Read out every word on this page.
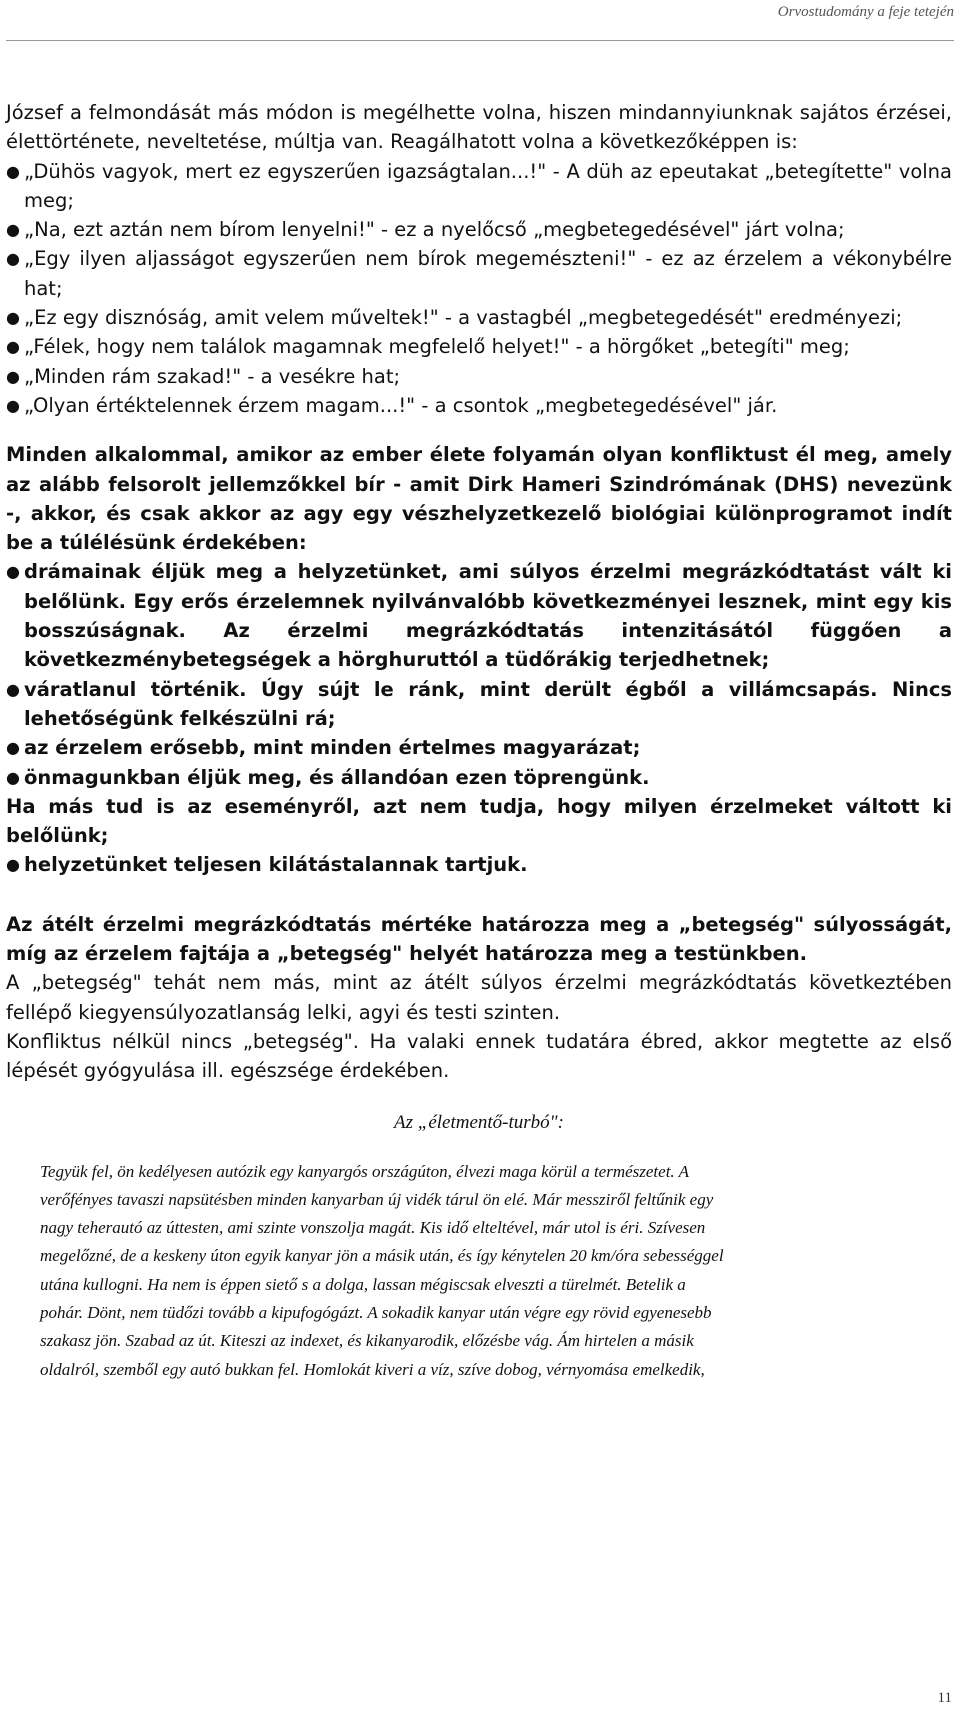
Orvostudomány a feje tetején

József a felmondását más módon is megélhette volna, hiszen mindannyiunknak sajátos érzései, élettörténete, neveltetése, múltja van. Reagálhatott volna a következőképpen is:

● „Dühös vagyok, mert ez egyszerűen igazságtalan...!" - A düh az epeutakat „betegítette" volna meg;
● „Na, ezt aztán nem bírom lenyelni!" - ez a nyelőcső „megbetegedésével" járt volna;
● „Egy ilyen aljasságot egyszerűen nem bírok megemészteni!" - ez az érzelem a vékonybélre hat;
● „Ez egy disznóság, amit velem műveltek!" - a vastagbél „megbetegedését" eredményezi;
● „Félek, hogy nem találok magamnak megfelelő helyet!" - a hörgőket „betegíti" meg;
● „Minden rám szakad!" - a vesékre hat;
● „Olyan értéktelennek érzem magam...!" - a csontok „megbetegedésével" jár.

Minden alkalommal, amikor az ember élete folyamán olyan konfliktust él meg, amely az alább felsorolt jellemzőkkel bír - amit Dirk Hameri Szindrómának (DHS) nevezünk -, akkor, és csak akkor az agy egy vészhelyzetkezelő biológiai különprogramot indít be a túlélésünk érdekében:

● drámainak éljük meg a helyzetünket, ami súlyos érzelmi megrázkódtatást vált ki belőlünk. Egy erős érzelemnek nyilvánvalóbb következményei lesznek, mint egy kis bosszúságnak. Az érzelmi megrázkódtatás intenzitásától függően a következménybetegségek a hörghuruttól a tüdőrákig terjedhetnek;
● váratlanul történik. Úgy sújt le ránk, mint derült égből a villámcsapás. Nincs lehetőségünk felkészülni rá;
● az érzelem erősebb, mint minden értelmes magyarázat;
● önmagunkban éljük meg, és állandóan ezen töprengünk.

Ha más tud is az eseményről, azt nem tudja, hogy milyen érzelmeket váltott ki belőlünk;

● helyzetünket teljesen kilátástalannak tartjuk.

Az átélt érzelmi megrázkódtatás mértéke határozza meg a „betegség" súlyosságát, míg az érzelem fajtája a „betegség" helyét határozza meg a testünkben.

A „betegség" tehát nem más, mint az átélt súlyos érzelmi megrázkódtatás következtében fellépő kiegyensúlyozatlanság lelki, agyi és testi szinten.

Konfliktus nélkül nincs „betegség". Ha valaki ennek tudatára ébred, akkor megtette az első lépését gyógyulása ill. egészsége érdekében.

Az „életmentő-turbó":

Tegyük fel, ön kedélyesen autózik egy kanyargós országúton, élvezi maga körül a természetet. A
verőfényes tavaszi napsütésben minden kanyarban új vidék tárul ön elé. Már messziről feltűnik egy
nagy teherautó az úttesten, ami szinte vonszolja magát. Kis idő elteltével, már utol is éri. Szívesen
megelőzné, de a keskeny úton egyik kanyar jön a másik után, és így kénytelen 20 km/óra sebességgel
utána kullogni. Ha nem is éppen siető s a dolga, lassan mégiscsak elveszti a türelmét. Betelik a
pohár. Dönt, nem tüdőzi tovább a kipufogógázt. A sokadik kanyar után végre egy rövid egyenesebb
szakasz jön. Szabad az út. Kiteszi az indexet, és kikanyarodik, előzésbe vág. Ám hirtelen a másik
oldalról, szemből egy autó bukkan fel. Homlokát kiveri a víz, szíve dobog, vérnyomása emelkedik,
11
